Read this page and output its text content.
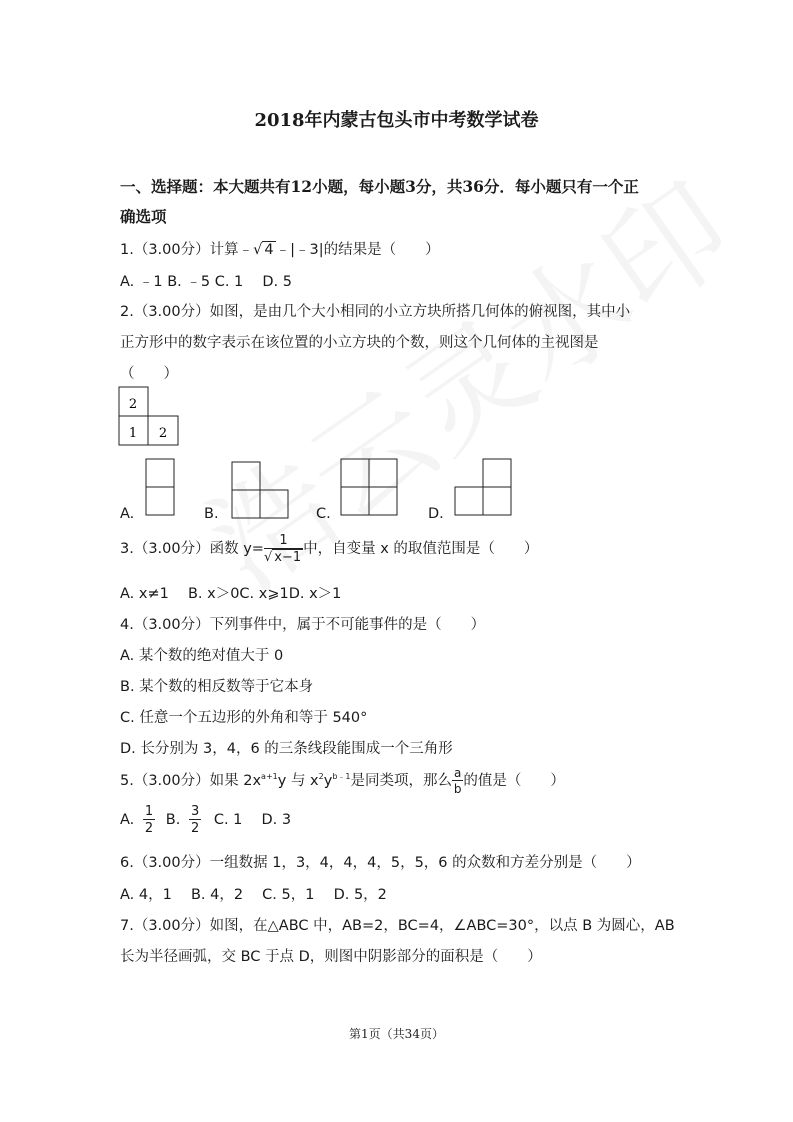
2018年内蒙古包头市中考数学试卷
一、选择题：本大题共有12小题，每小题3分，共36分．每小题只有一个正
确选项
1.（3.00分）计算﹣√ 4 ﹣|﹣3|的结果是（　　）
A. ﹣1 B. ﹣5 C. 1　 D. 5
2.（3.00分）如图，是由几个大小相同的小立方块所搭几何体的俯视图，其中小
正方形中的数字表示在该位置的小立方块的个数，则这个几何体的主视图是
（　　）
2
1 2
A.	B.	C.	D.
3.（3.00分）函数 $y= \frac{1}{√ x-1}$ 中，自变量 x 的取值范围是（　　）
A. x≠1　 B. x＞0C. x⩾1D. x＞1
4.（3.00分）下列事件中，属于不可能事件的是（　　）
A. 某个数的绝对值大于 0
B. 某个数的相反数等于它本身
C. 任意一个五边形的外角和等于 540°
D. 长分别为 3，4，6 的三条线段能围成一个三角形
5.（3.00分）如果 $2x^{a+1}y$ 与 $x^2y^{b﹣1}$是同类项，那么 $\frac{a}{b}$ 的值是（　　）
A. $\frac{1}{2} B$. $\frac{3}{2} C$. 1　 D. 3
6.（3.00分）一组数据 1，3，4，4，4，5，5，6 的众数和方差分别是（　　）
A. 4，1　 B. 4，2　 C. 5，1　 D. 5，2
7.（3.00分）如图，在△ABC 中，AB=2，BC=4，∠ABC=30°，以点 B 为圆心，AB
长为半径画弧，交 BC 于点 D，则图中阴影部分的面积是（　　）
第1页（共34页）
